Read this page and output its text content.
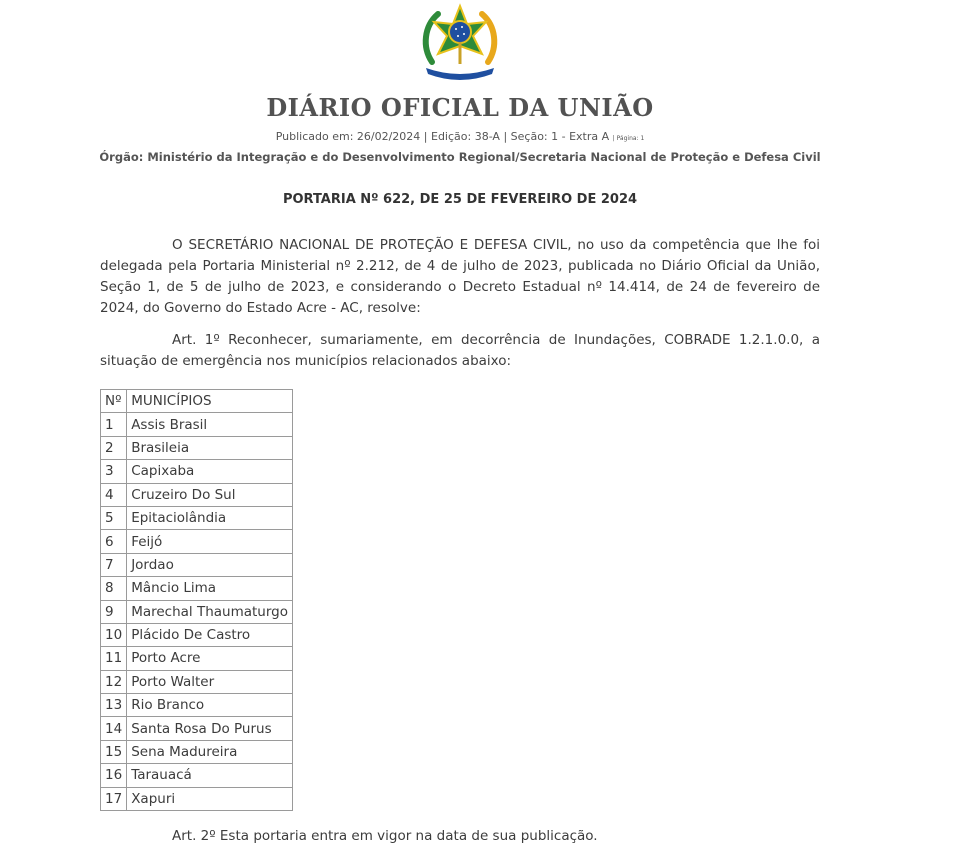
DIÁRIO OFICIAL DA UNIÃO
Publicado em: 26/02/2024 | Edição: 38-A | Seção: 1 - Extra A | Página: 1
Órgão: Ministério da Integração e do Desenvolvimento Regional/Secretaria Nacional de Proteção e Defesa Civil
PORTARIA Nº 622, DE 25 DE FEVEREIRO DE 2024

O SECRETÁRIO NACIONAL DE PROTEÇÃO E DEFESA CIVIL, no uso da competência que lhe foi delegada pela Portaria Ministerial nº 2.212, de 4 de julho de 2023, publicada no Diário Oficial da União, Seção 1, de 5 de julho de 2023, e considerando o Decreto Estadual nº 14.414, de 24 de fevereiro de 2024, do Governo do Estado Acre - AC, resolve:

Art. 1º Reconhecer, sumariamente, em decorrência de Inundações, COBRADE 1.2.1.0.0, a situação de emergência nos municípios relacionados abaixo:

Nº	MUNICÍPIOS
1	Assis Brasil
2	Brasileia
3	Capixaba
4	Cruzeiro Do Sul
5	Epitaciolândia
6	Feijó
7	Jordao
8	Mâncio Lima
9	Marechal Thaumaturgo
10	Plácido De Castro
11	Porto Acre
12	Porto Walter
13	Rio Branco
14	Santa Rosa Do Purus
15	Sena Madureira
16	Tarauacá
17	Xapuri

Art. 2º Esta portaria entra em vigor na data de sua publicação.
